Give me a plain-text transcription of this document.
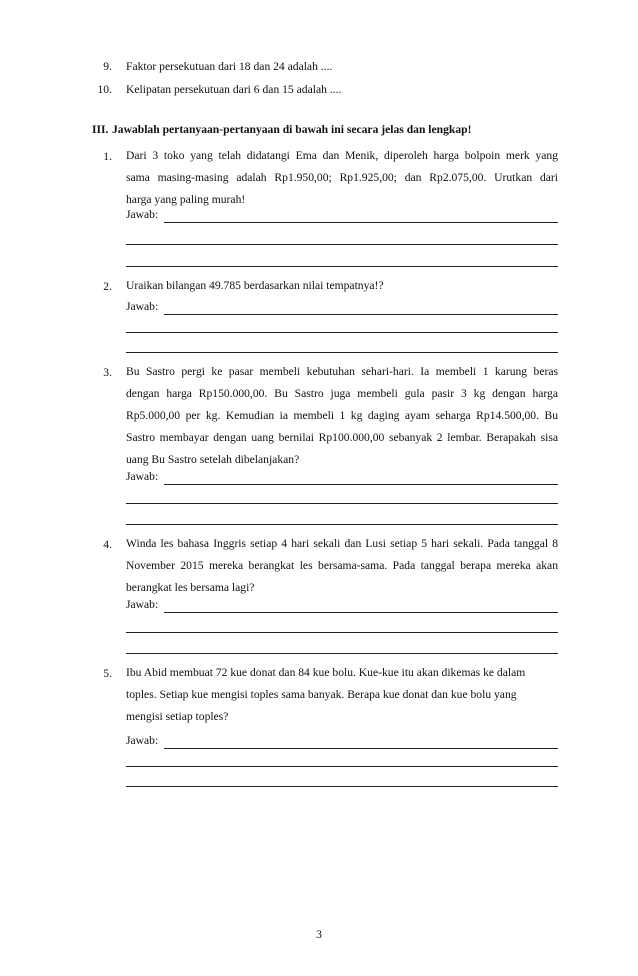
9. Faktor persekutuan dari 18 dan 24 adalah ....
10. Kelipatan persekutuan dari 6 dan 15 adalah ....
III. Jawablah pertanyaan-pertanyaan di bawah ini secara jelas dan lengkap!
1. Dari 3 toko yang telah didatangi Ema dan Menik, diperoleh harga bolpoin merk yang
sama masing-masing adalah Rp1.950,00; Rp1.925,00; dan Rp2.075,00. Urutkan dari
harga yang paling murah!
Jawab:
2. Uraikan bilangan 49.785 berdasarkan nilai tempatnya!?
Jawab:
3. Bu Sastro pergi ke pasar membeli kebutuhan sehari-hari. Ia membeli 1 karung beras
dengan harga Rp150.000,00. Bu Sastro juga membeli gula pasir 3 kg dengan harga
Rp5.000,00 per kg. Kemudian ia membeli 1 kg daging ayam seharga Rp14.500,00. Bu
Sastro membayar dengan uang bernilai Rp100.000,00 sebanyak 2 lembar. Berapakah sisa
uang Bu Sastro setelah dibelanjakan?
Jawab:
4. Winda les bahasa Inggris setiap 4 hari sekali dan Lusi setiap 5 hari sekali. Pada tanggal 8
November 2015 mereka berangkat les bersama-sama. Pada tanggal berapa mereka akan
berangkat les bersama lagi?
Jawab:
5. Ibu Abid membuat 72 kue donat dan 84 kue bolu. Kue-kue itu akan dikemas ke dalam
toples. Setiap kue mengisi toples sama banyak. Berapa kue donat dan kue bolu yang
mengisi setiap toples?
Jawab:
3
